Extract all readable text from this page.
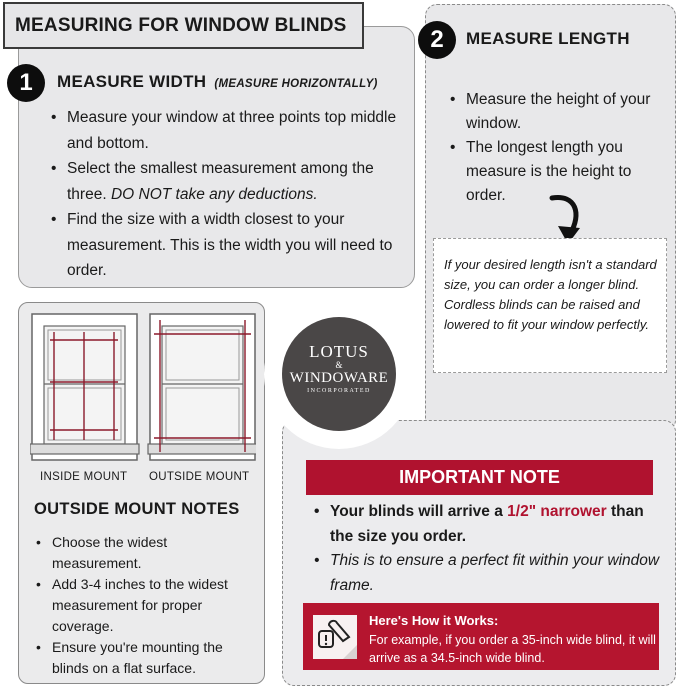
MEASURING FOR WINDOW BLINDS
1	MEASURE WIDTH (MEASURE HORIZONTALLY)
• Measure your window at three points top middle and bottom.
• Select the smallest measurement among the three. DO NOT take any deductions.
• Find the size with a width closest to your measurement. This is the width you will need to order.
2	MEASURE LENGTH
• Measure the height of your window.
• The longest length you measure is the height to order.
If your desired length isn't a standard size, you can order a longer blind. Cordless blinds can be raised and lowered to fit your window perfectly.
INSIDE MOUNT OUTSIDE MOUNT
LOTUS
&
WINDOWARE
INCORPORATED
OUTSIDE MOUNT NOTES
• Choose the widest measurement.
• Add 3-4 inches to the widest measurement for proper coverage.
• Ensure you're mounting the blinds on a flat surface.
IMPORTANT NOTE
• Your blinds will arrive a 1/2" narrower than the size you order.
• This is to ensure a perfect fit within your window frame.
Here's How it Works:
For example, if you order a 35-inch wide blind, it will arrive as a 34.5-inch wide blind.
